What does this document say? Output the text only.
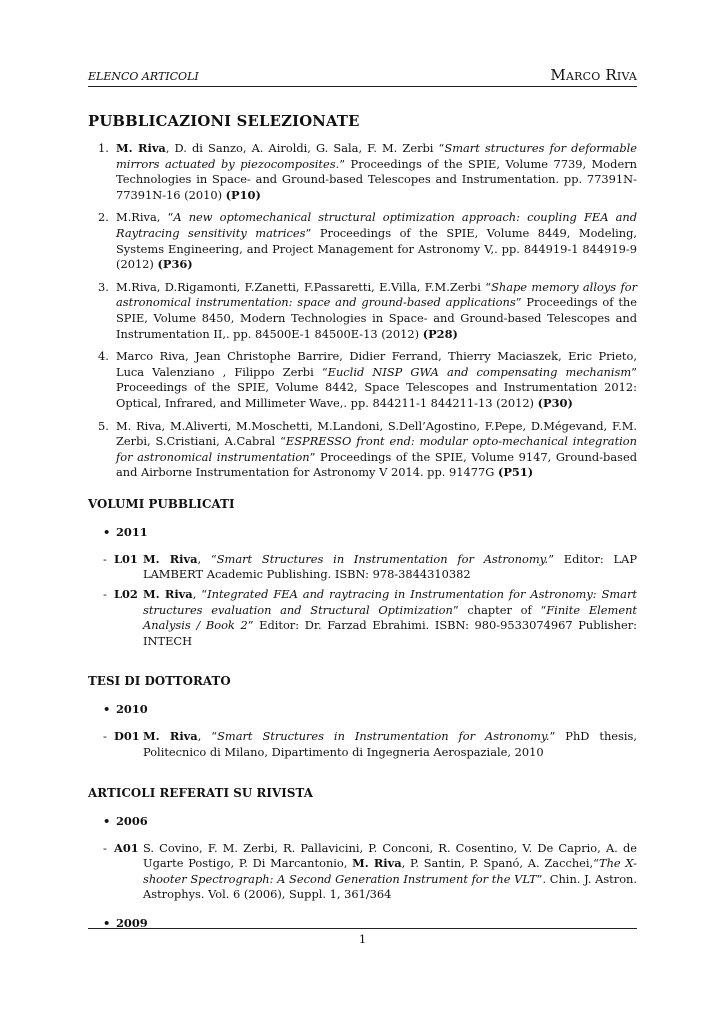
ELENCO ARTICOLI	Marco Riva
PUBBLICAZIONI SELEZIONATE
1. M. Riva, D. di Sanzo, A. Airoldi, G. Sala, F. M. Zerbi “Smart structures for deformable mirrors actuated by piezocomposites.” Proceedings of the SPIE, Volume 7739, Modern Technologies in Space- and Ground-based Telescopes and Instrumentation. pp. 77391N-77391N-16 (2010) (P10)
2. M.Riva, “A new optomechanical structural optimization approach: coupling FEA and Raytracing sensitivity matrices” Proceedings of the SPIE, Volume 8449, Modeling, Systems Engineering, and Project Management for Astronomy V,. pp. 844919-1 844919-9 (2012) (P36)
3. M.Riva, D.Rigamonti, F.Zanetti, F.Passaretti, E.Villa, F.M.Zerbi “Shape memory alloys for astronomical instrumentation: space and ground-based applications” Proceedings of the SPIE, Volume 8450, Modern Technologies in Space- and Ground-based Telescopes and Instrumentation II,. pp. 84500E-1 84500E-13 (2012) (P28)
4. Marco Riva, Jean Christophe Barrire, Didier Ferrand, Thierry Maciaszek, Eric Prieto, Luca Valenziano , Filippo Zerbi “Euclid NISP GWA and compensating mechanism” Proceedings of the SPIE, Volume 8442, Space Telescopes and Instrumentation 2012: Optical, Infrared, and Millimeter Wave,. pp. 844211-1 844211-13 (2012) (P30)
5. M. Riva, M.Aliverti, M.Moschetti, M.Landoni, S.Dell’Agostino, F.Pepe, D.Mégevand, F.M. Zerbi, S.Cristiani, A.Cabral “ESPRESSO front end: modular opto-mechanical integration for astronomical instrumentation” Proceedings of the SPIE, Volume 9147, Ground-based and Airborne Instrumentation for Astronomy V 2014. pp. 91477G (P51)
VOLUMI PUBBLICATI
• 2011
- L01 M. Riva, “Smart Structures in Instrumentation for Astronomy.” Editor: LAP LAMBERT Academic Publishing. ISBN: 978-3844310382
- L02 M. Riva, “Integrated FEA and raytracing in Instrumentation for Astronomy: Smart structures evaluation and Structural Optimization” chapter of “Finite Element Analysis / Book 2” Editor: Dr. Farzad Ebrahimi. ISBN: 980-9533074967 Publisher: INTECH
TESI DI DOTTORATO
• 2010
- D01 M. Riva, “Smart Structures in Instrumentation for Astronomy.” PhD thesis, Politecnico di Milano, Dipartimento di Ingegneria Aerospaziale, 2010
ARTICOLI REFERATI SU RIVISTA
• 2006
- A01 S. Covino, F. M. Zerbi, R. Pallavicini, P. Conconi, R. Cosentino, V. De Caprio, A. de Ugarte Postigo, P. Di Marcantonio, M. Riva, P. Santin, P. Spanó, A. Zacchei,“The X-shooter Spectrograph: A Second Generation Instrument for the VLT”. Chin. J. Astron. Astrophys. Vol. 6 (2006), Suppl. 1, 361/364
• 2009
1
